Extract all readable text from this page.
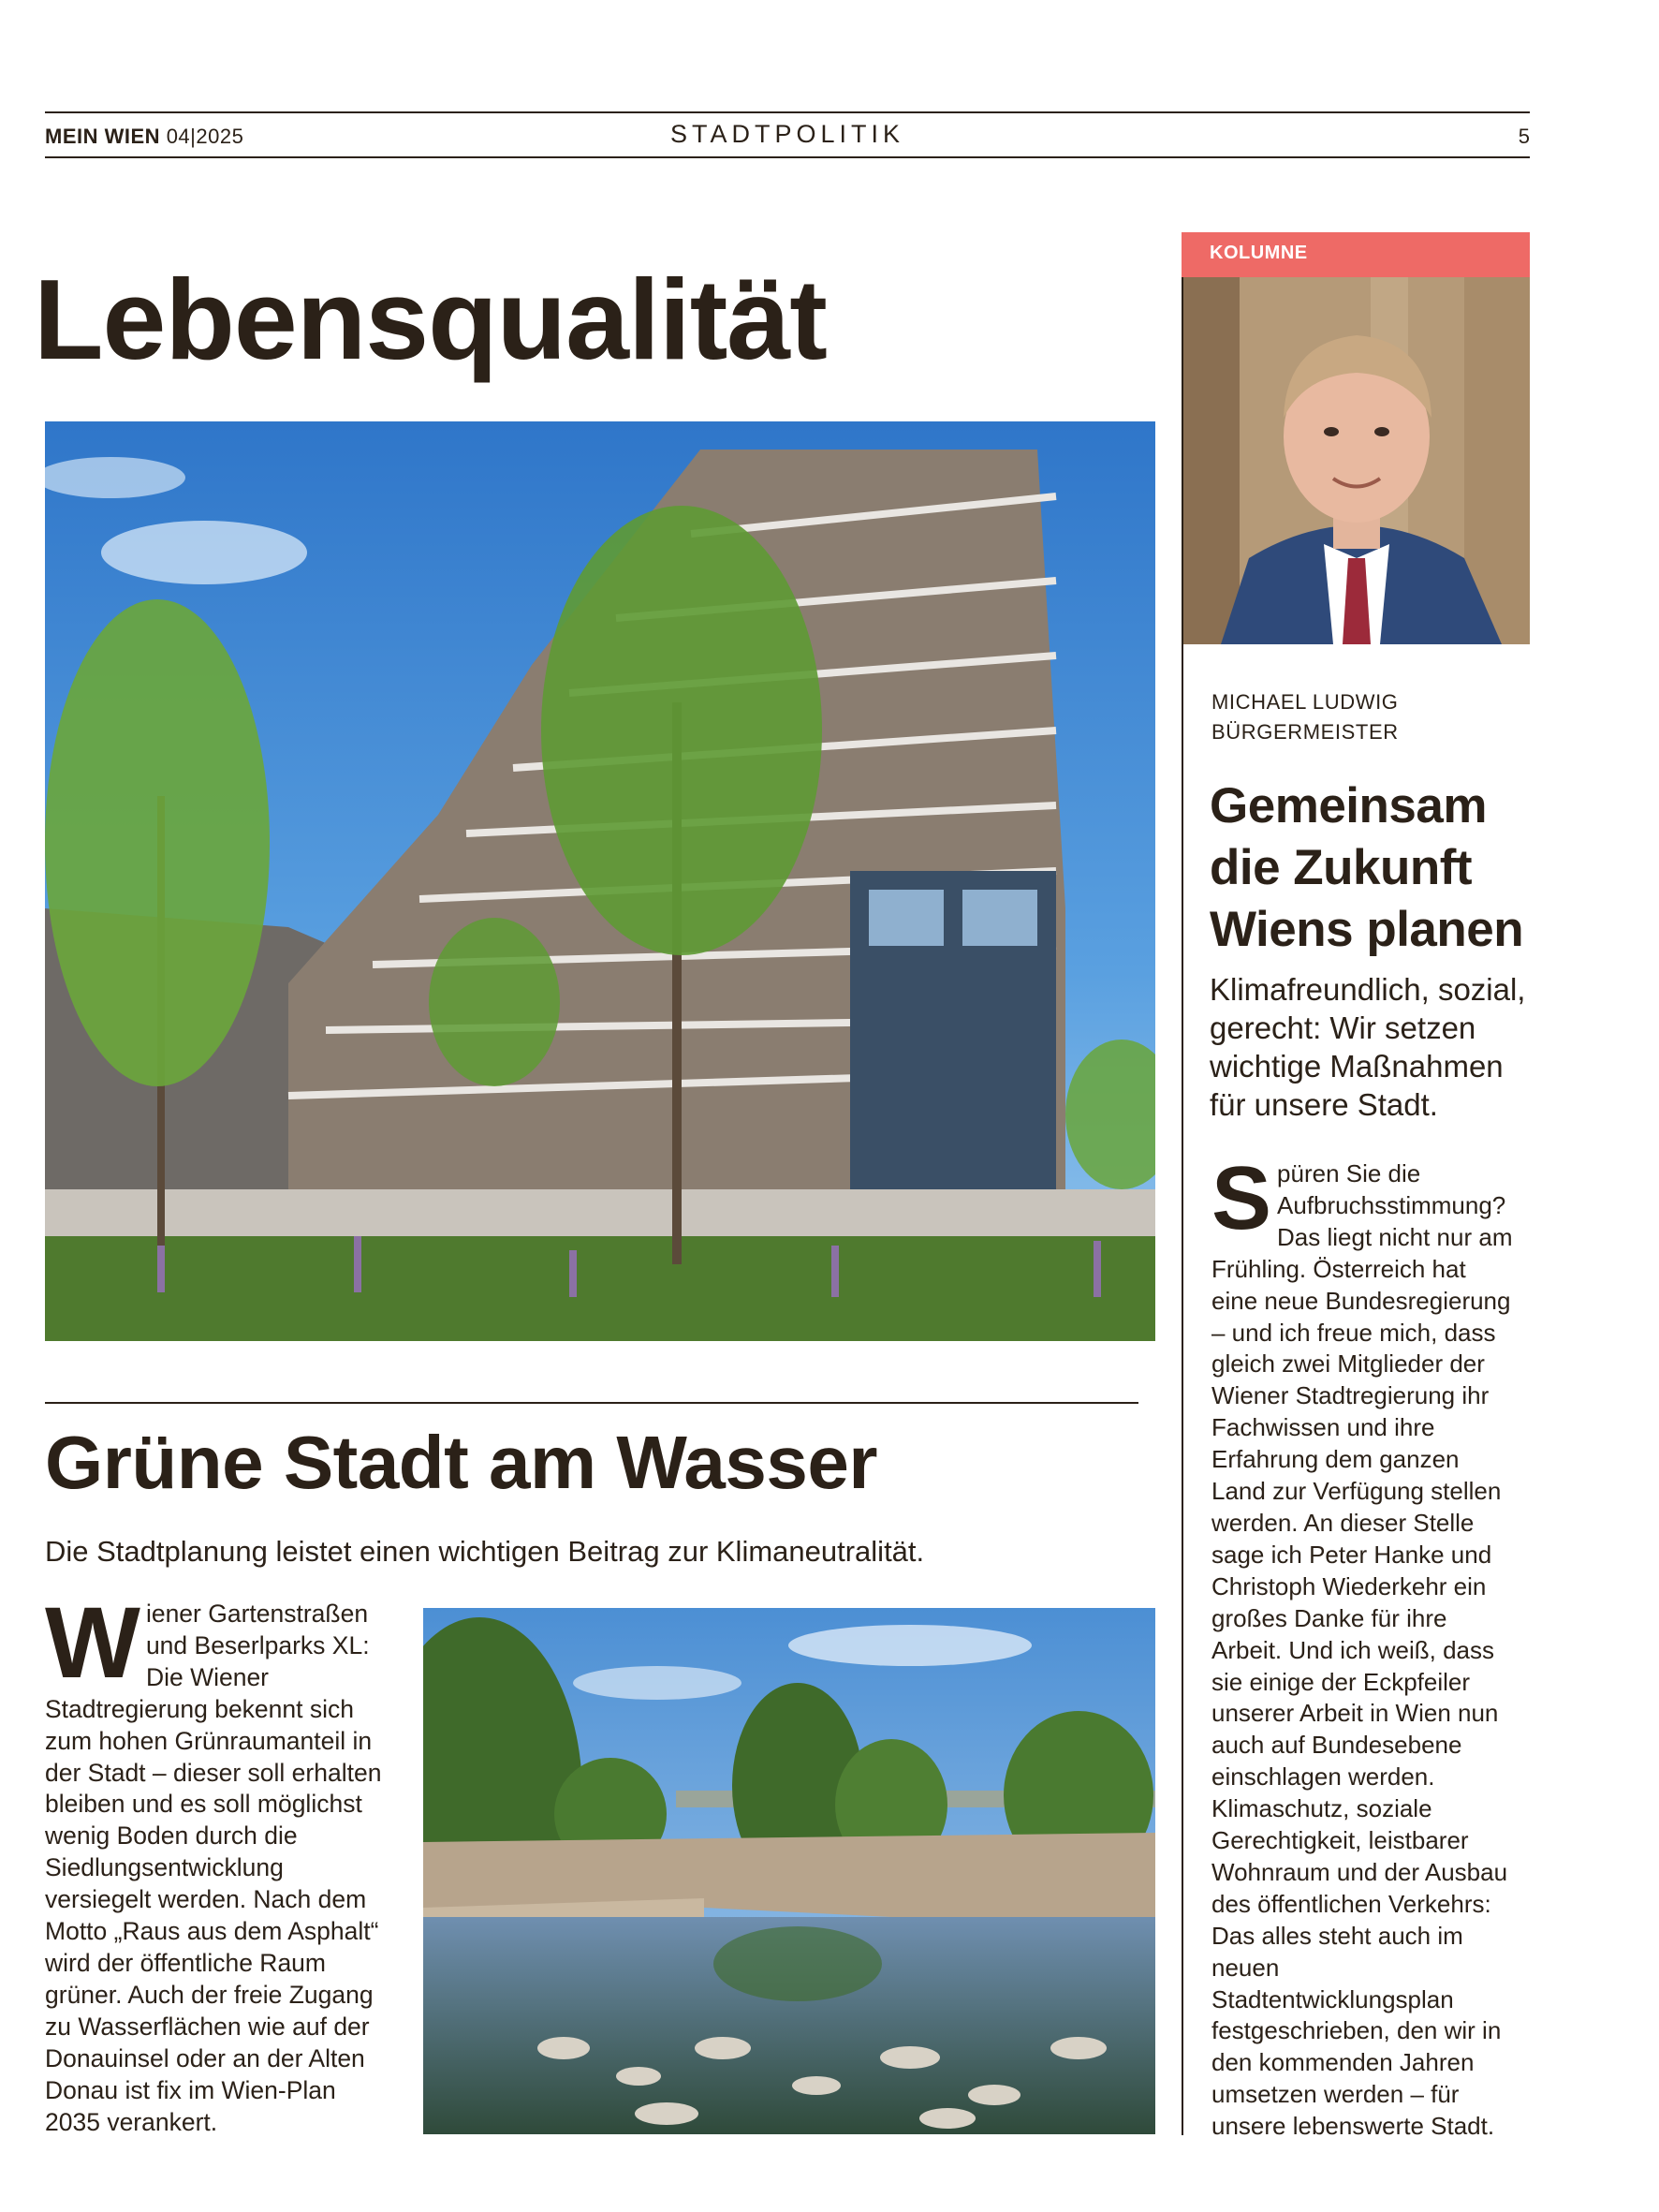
MEIN WIEN 04|2025	STADTPOLITIK	5
Lebensqualität
Grüne Stadt am Wasser
Die Stadtplanung leistet einen wichtigen Beitrag zur Klimaneutralität.
Wiener Gartenstraßen und Beserlparks XL: Die Wiener Stadtregierung bekennt sich zum hohen Grünraumanteil in der Stadt – dieser soll erhalten bleiben und es soll möglichst wenig Boden durch die Siedlungsentwicklung versiegelt werden. Nach dem Motto „Raus aus dem Asphalt“ wird der öffentliche Raum grüner. Auch der freie Zugang zu Wasserflächen wie auf der Donauinsel oder an der Alten Donau ist fix im Wien-Plan 2035 verankert.
KOLUMNE
MICHAEL LUDWIG
BÜRGERMEISTER
Gemeinsam die Zukunft Wiens planen
Klimafreundlich, sozial, gerecht: Wir setzen wichtige Maßnahmen für unsere Stadt.
Spüren Sie die Aufbruchsstimmung? Das liegt nicht nur am Frühling. Österreich hat eine neue Bundesregierung – und ich freue mich, dass gleich zwei Mitglieder der Wiener Stadtregierung ihr Fachwissen und ihre Erfahrung dem ganzen Land zur Verfügung stellen werden. An dieser Stelle sage ich Peter Hanke und Christoph Wiederkehr ein großes Danke für ihre Arbeit. Und ich weiß, dass sie einige der Eckpfeiler unserer Arbeit in Wien nun auch auf Bundesebene einschlagen werden. Klimaschutz, soziale Gerechtigkeit, leistbarer Wohnraum und der Ausbau des öffentlichen Verkehrs: Das alles steht auch im neuen Stadtentwicklungsplan festgeschrieben, den wir in den kommenden Jahren umsetzen werden – für unsere lebenswerte Stadt.
